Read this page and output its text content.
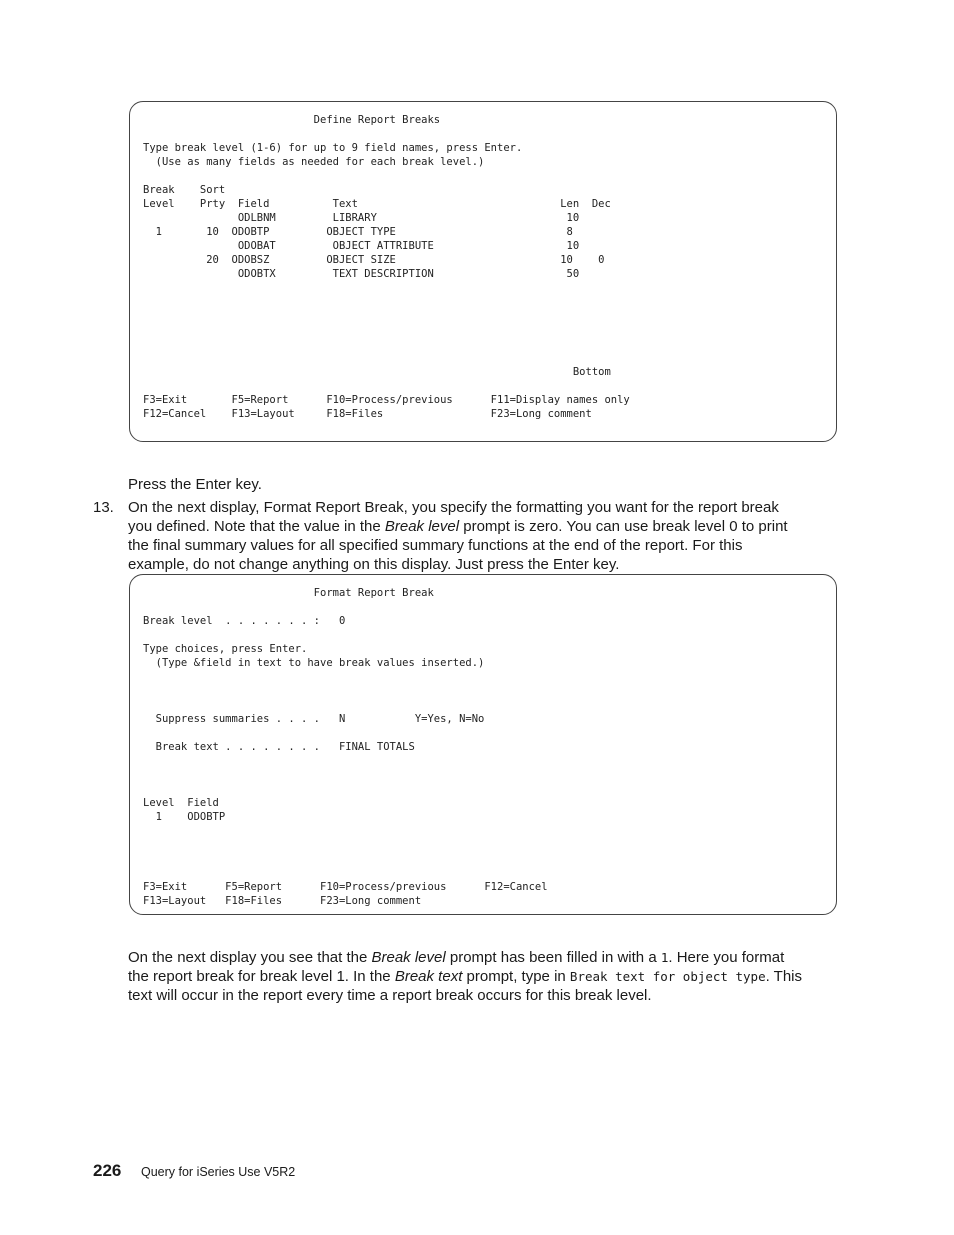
Define Report Breaks
Type break level (1-6) for up to 9 field names, press Enter.
(Use as many fields as needed for each break level.)
Break    Sort
Level    Prty  Field          Text                                Len  Dec
ODLBNM         LIBRARY                              10
1       10  ODOBTP         OBJECT TYPE                           8
ODOBAT         OBJECT ATTRIBUTE                     10
20  ODOBSZ         OBJECT SIZE                          10    0
ODOBTX         TEXT DESCRIPTION                     50
Bottom
F3=Exit       F5=Report      F10=Process/previous      F11=Display names only
F12=Cancel    F13=Layout     F18=Files                 F23=Long comment
Press the Enter key.
13. On the next display, Format Report Break, you specify the formatting you want for the report break
you defined. Note that the value in the Break level prompt is zero. You can use break level 0 to print
the final summary values for all specified summary functions at the end of the report. For this
example, do not change anything on this display. Just press the Enter key.
Format Report Break
Break level  . . . . . . . :   0
Type choices, press Enter.
(Type &field in text to have break values inserted.)
Suppress summaries . . . .   N           Y=Yes, N=No
Break text . . . . . . . .   FINAL TOTALS
Level  Field
1    ODOBTP
F3=Exit      F5=Report      F10=Process/previous      F12=Cancel
F13=Layout   F18=Files      F23=Long comment
On the next display you see that the Break level prompt has been filled in with a 1. Here you format
the report break for break level 1. In the Break text prompt, type in Break text for object type. This
text will occur in the report every time a report break occurs for this break level.
226 Query for iSeries Use V5R2
